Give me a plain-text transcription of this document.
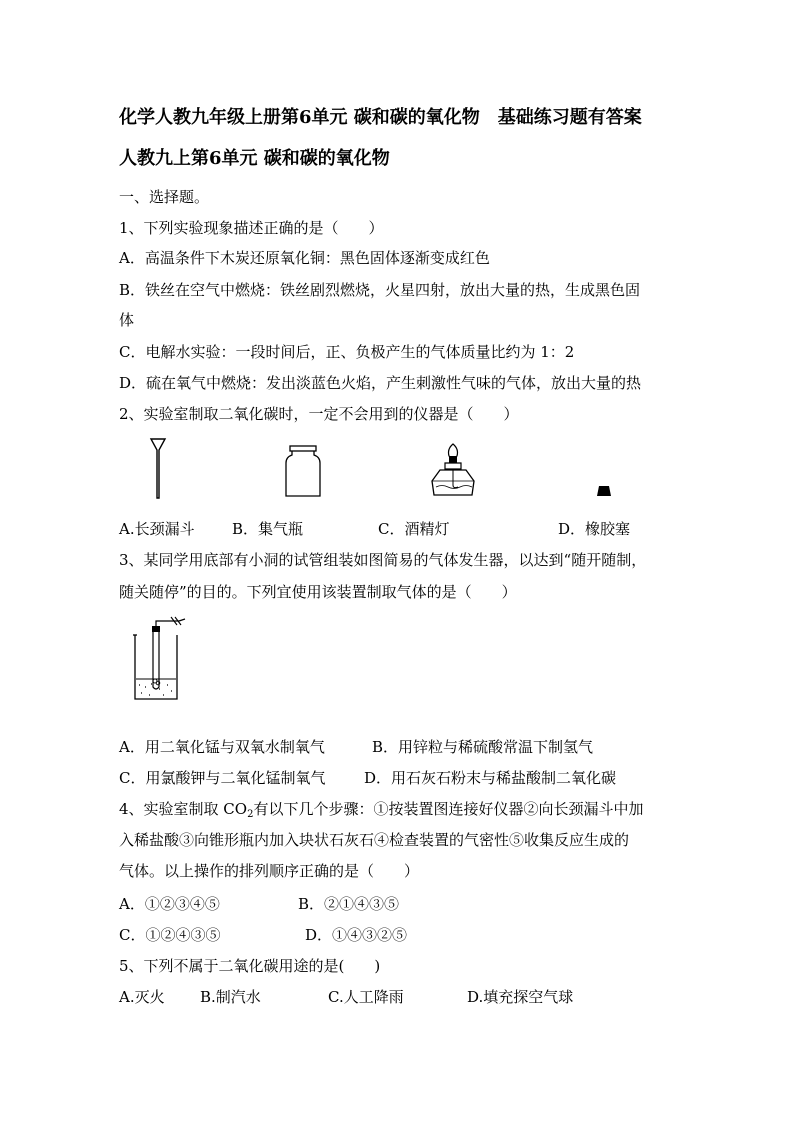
化学人教九年级上册第6单元 碳和碳的氧化物　基础练习题有答案
人教九上第6单元 碳和碳的氧化物
一、选择题。
1、下列实验现象描述正确的是（　　）
A．高温条件下木炭还原氧化铜：黑色固体逐渐变成红色
B．铁丝在空气中燃烧：铁丝剧烈燃烧，火星四射，放出大量的热，生成黑色固
体
C．电解水实验：一段时间后，正、负极产生的气体质量比约为 1：2
D．硫在氧气中燃烧：发出淡蓝色火焰，产生刺激性气味的气体，放出大量的热
2、实验室制取二氧化碳时，一定不会用到的仪器是（　　）
A.长颈漏斗 B．集气瓶	C．酒精灯	D．橡胶塞
3、某同学用底部有小洞的试管组装如图简易的气体发生器，以达到“随开随制，
随关随停”的目的。下列宜使用该装置制取气体的是（　　）
A．用二氧化锰与双氧水制氧气	B．用锌粒与稀硫酸常温下制氢气
C．用氯酸钾与二氧化锰制氧气	D．用石灰石粉末与稀盐酸制二氧化碳
4、实验室制取 $CO_2$有以下几个步骤：①按装置图连接好仪器②向长颈漏斗中加
入稀盐酸③向锥形瓶内加入块状石灰石④检查装置的气密性⑤收集反应生成的
气体。以上操作的排列顺序正确的是（　　）
A．①②③④⑤	B．②①④③⑤
C．①②④③⑤	D．①④③②⑤
5、下列不属于二氧化碳用途的是(　　)
A.灭火 B.制汽水	C.人工降雨	D.填充探空气球
